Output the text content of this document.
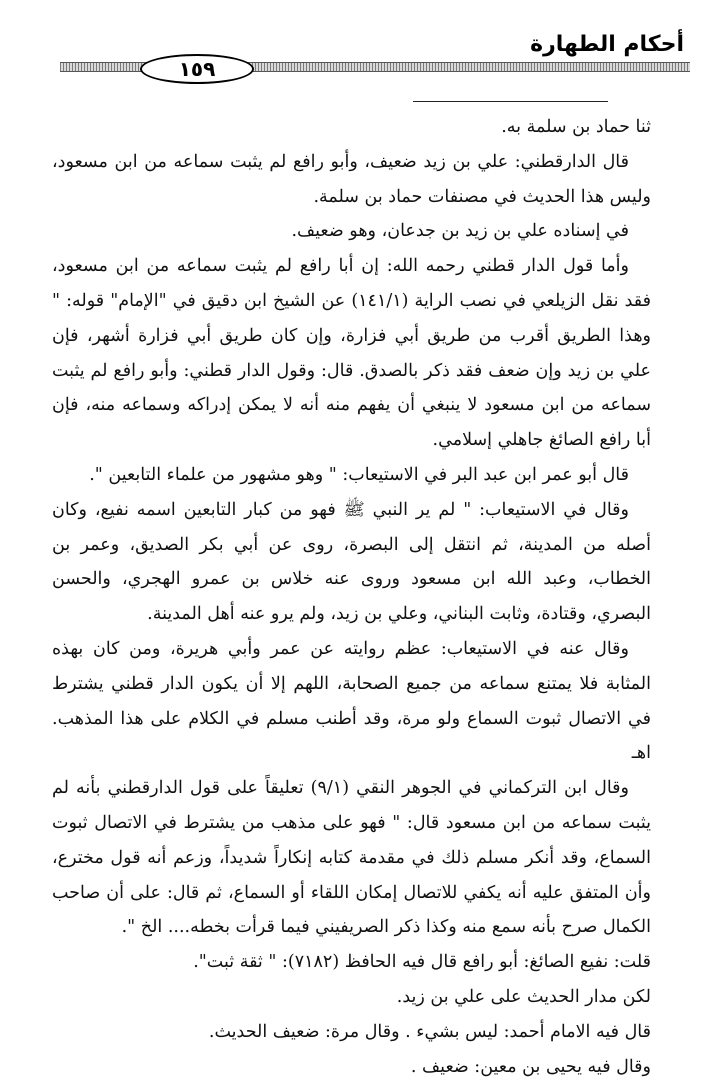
أحكام الطهارة
١٥٩

ثنا حماد بن سلمة به.

قال الدارقطني: علي بن زيد ضعيف، وأبو رافع لم يثبت سماعه من ابن مسعود، وليس هذا الحديث في مصنفات حماد بن سلمة.

في إسناده علي بن زيد بن جدعان، وهو ضعيف.

وأما قول الدار قطني رحمه الله: إن أبا رافع لم يثبت سماعه من ابن مسعود، فقد نقل الزيلعي في نصب الراية (١٤١/١) عن الشيخ ابن دقيق في "الإمام" قوله: " وهذا الطريق أقرب من طريق أبي فزارة، وإن كان طريق أبي فزارة أشهر، فإن علي بن زيد وإن ضعف فقد ذكر بالصدق. قال: وقول الدار قطني: وأبو رافع لم يثبت سماعه من ابن مسعود لا ينبغي أن يفهم منه أنه لا يمكن إدراكه وسماعه منه، فإن أبا رافع الصائغ جاهلي إسلامي.

قال أبو عمر ابن عبد البر في الاستيعاب: " وهو مشهور من علماء التابعين ".

وقال في الاستيعاب: " لم ير النبي ﷺ فهو من كبار التابعين اسمه نفيع، وكان أصله من المدينة، ثم انتقل إلى البصرة، روى عن أبي بكر الصديق، وعمر بن الخطاب، وعبد الله ابن مسعود وروى عنه خلاس بن عمرو الهجري، والحسن البصري، وقتادة، وثابت البناني، وعلي بن زيد، ولم يرو عنه أهل المدينة.

وقال عنه في الاستيعاب: عظم روايته عن عمر وأبي هريرة، ومن كان بهذه المثابة فلا يمتنع سماعه من جميع الصحابة، اللهم إلا أن يكون الدار قطني يشترط في الاتصال ثبوت السماع ولو مرة، وقد أطنب مسلم في الكلام على هذا المذهب. اهـ

وقال ابن التركماني في الجوهر النقي (٩/١) تعليقاً على قول الدارقطني بأنه لم يثبت سماعه من ابن مسعود قال: " فهو على مذهب من يشترط في الاتصال ثبوت السماع، وقد أنكر مسلم ذلك في مقدمة كتابه إنكاراً شديداً، وزعم أنه قول مخترع، وأن المتفق عليه أنه يكفي للاتصال إمكان اللقاء أو السماع، ثم قال: على أن صاحب الكمال صرح بأنه سمع منه وكذا ذكر الصريفيني فيما قرأت بخطه.... الخ ".

قلت: نفيع الصائغ: أبو رافع قال فيه الحافظ (٧١٨٢): " ثقة ثبت".

لكن مدار الحديث على علي بن زيد.

قال فيه الامام أحمد: ليس بشيء . وقال مرة: ضعيف الحديث.

وقال فيه يحيى بن معين: ضعيف .
